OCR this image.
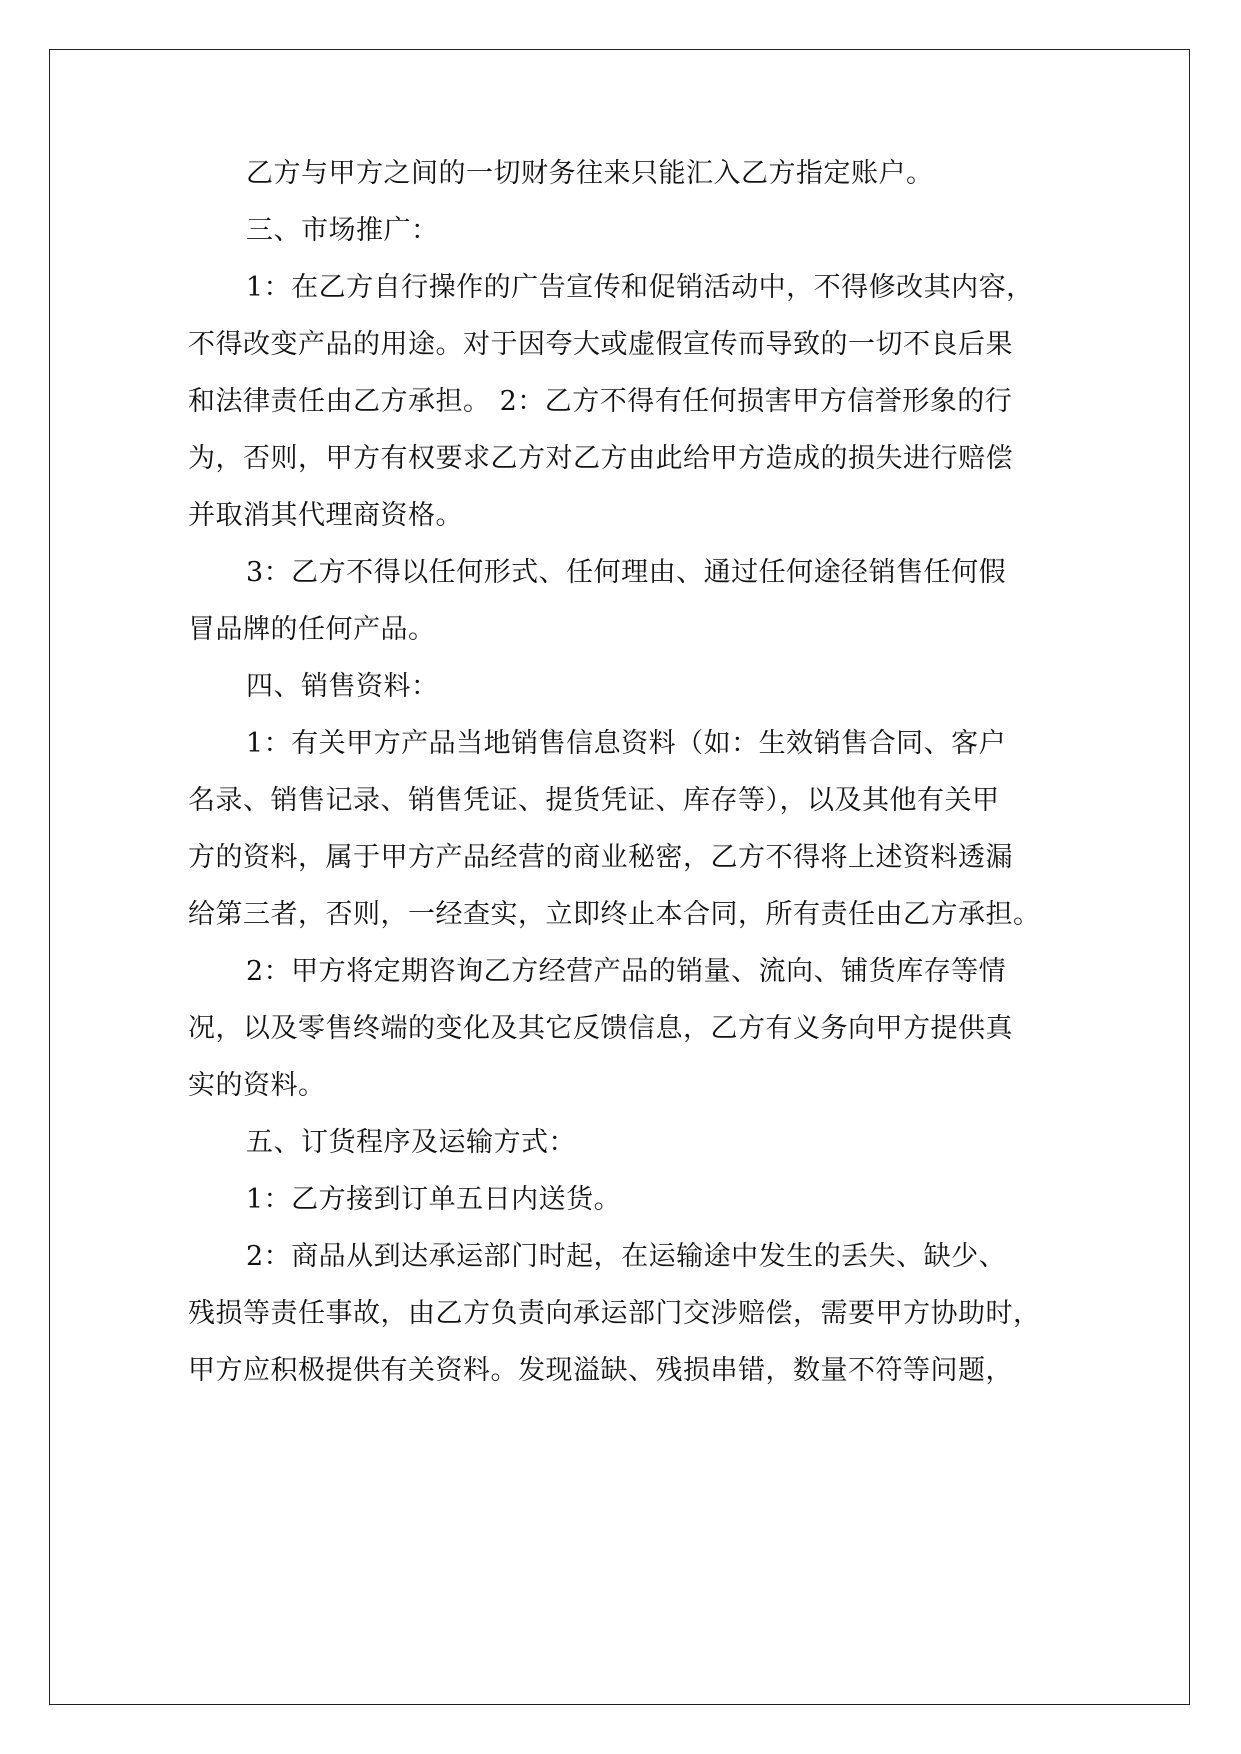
乙方与甲方之间的一切财务往来只能汇入乙方指定账户。
三、市场推广：
1：在乙方自行操作的广告宣传和促销活动中，不得修改其内容，
不得改变产品的用途。对于因夸大或虚假宣传而导致的一切不良后果
和法律责任由乙方承担。 2：乙方不得有任何损害甲方信誉形象的行
为，否则，甲方有权要求乙方对乙方由此给甲方造成的损失进行赔偿
并取消其代理商资格。
3：乙方不得以任何形式、任何理由、通过任何途径销售任何假
冒品牌的任何产品。
四、销售资料：
1：有关甲方产品当地销售信息资料（如：生效销售合同、客户
名录、销售记录、销售凭证、提货凭证、库存等），以及其他有关甲
方的资料，属于甲方产品经营的商业秘密，乙方不得将上述资料透漏
给第三者，否则，一经查实，立即终止本合同，所有责任由乙方承担。
2：甲方将定期咨询乙方经营产品的销量、流向、铺货库存等情
况，以及零售终端的变化及其它反馈信息，乙方有义务向甲方提供真
实的资料。
五、订货程序及运输方式：
1：乙方接到订单五日内送货。
2：商品从到达承运部门时起，在运输途中发生的丢失、缺少、
残损等责任事故，由乙方负责向承运部门交涉赔偿，需要甲方协助时，
甲方应积极提供有关资料。发现溢缺、残损串错，数量不符等问题，
